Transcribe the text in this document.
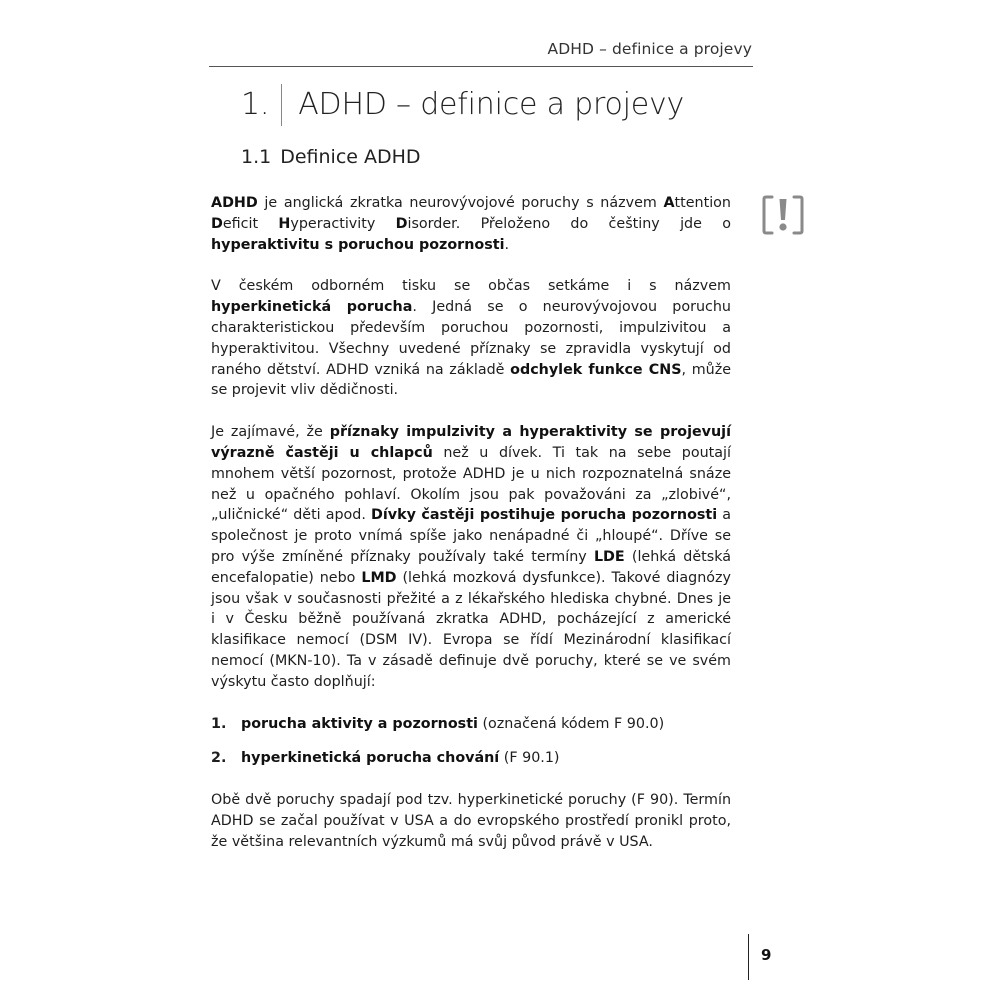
ADHD – definice a projevy
1. ADHD – definice a projevy
1.1 Definice ADHD

ADHD je anglická zkratka neurovývojové poruchy s názvem Attention Deficit Hyperactivity Disorder. Přeloženo do češtiny jde o hyperaktivitu s poruchou pozornosti.

V českém odborném tisku se občas setkáme i s názvem hyperkinetická porucha. Jedná se o neurovývojovou poruchu charakteristickou především poruchou pozornosti, impulzivitou a hyperaktivitou. Všechny uvedené příznaky se zpravidla vyskytují od raného dětství. ADHD vzniká na základě odchylek funkce CNS, může se projevit vliv dědičnosti.

Je zajímavé, že příznaky impulzivity a hyperaktivity se projevují výrazně častěji u chlapců než u dívek. Ti tak na sebe poutají mnohem větší pozornost, protože ADHD je u nich rozpoznatelná snáze než u opačného pohlaví. Okolím jsou pak považováni za „zlobivé“, „uličnické“ děti apod. Dívky častěji postihuje porucha pozornosti a společnost je proto vnímá spíše jako nenápadné či „hloupé“. Dříve se pro výše zmíněné příznaky používaly také termíny LDE (lehká dětská encefalopatie) nebo LMD (lehká mozková dysfunkce). Takové diagnózy jsou však v současnosti přežité a z lékařského hlediska chybné. Dnes je i v Česku běžně používaná zkratka ADHD, pocházející z americké klasifikace nemocí (DSM IV). Evropa se řídí Mezinárodní klasifikací nemocí (MKN-10). Ta v zásadě definuje dvě poruchy, které se ve svém výskytu často doplňují:

1.	porucha aktivity a pozornosti (označená kódem F 90.0)
2.	hyperkinetická porucha chování (F 90.1)

Obě dvě poruchy spadají pod tzv. hyperkinetické poruchy (F 90). Termín ADHD se začal používat v USA a do evropského prostředí pronikl proto, že většina relevantních výzkumů má svůj původ právě v USA.

9
